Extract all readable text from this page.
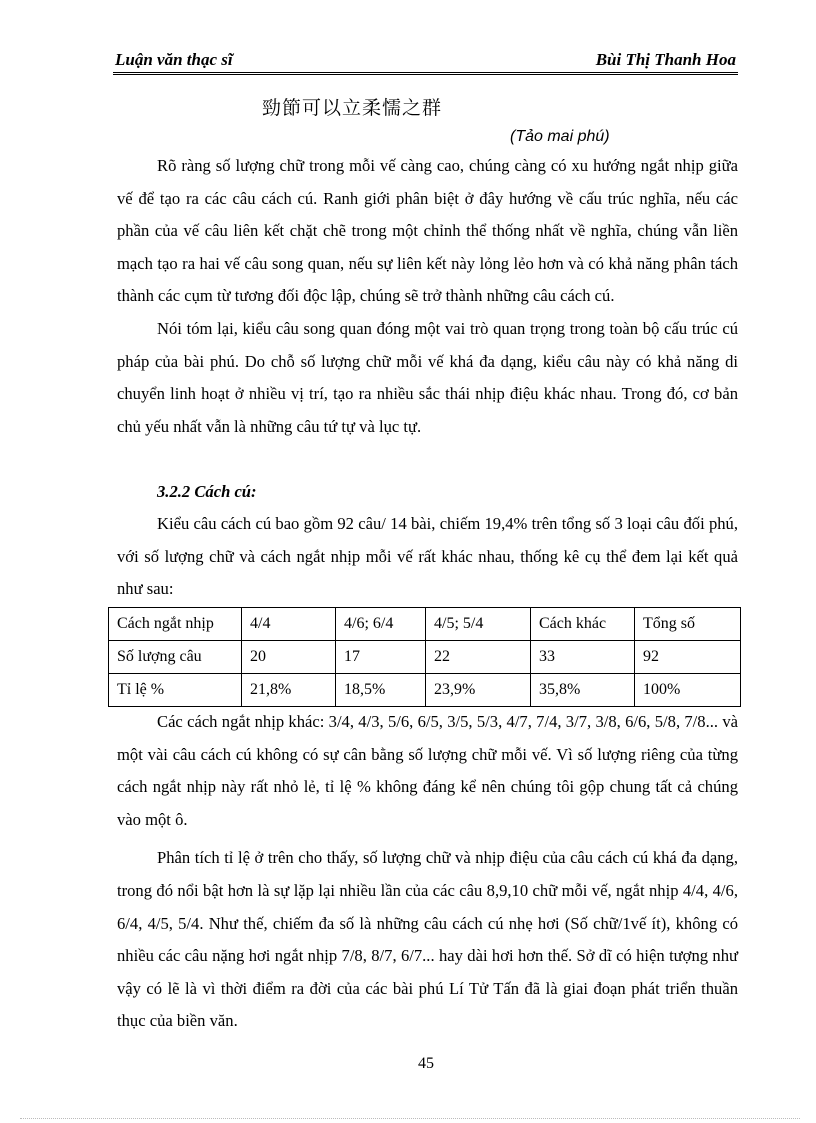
Luận văn thạc sĩ	Bùi Thị Thanh Hoa
勁節可以立柔懦之群
(Tảo mai phú)

Rõ ràng số lượng chữ trong mỗi vế càng cao, chúng càng có xu hướng ngắt nhịp giữa vế để tạo ra các câu cách cú. Ranh giới phân biệt ở đây hướng về cấu trúc nghĩa, nếu các phần của vế câu liên kết chặt chẽ trong một chỉnh thể thống nhất về nghĩa, chúng vẫn liền mạch tạo ra hai vế câu song quan, nếu sự liên kết này lỏng lẻo hơn và có khả năng phân tách thành các cụm từ tương đối độc lập, chúng sẽ trở thành những câu cách cú.

Nói tóm lại, kiểu câu song quan đóng một vai trò quan trọng trong toàn bộ cấu trúc cú pháp của bài phú. Do chỗ số lượng chữ mỗi vế khá đa dạng, kiểu câu này có khả năng di chuyển linh hoạt ở nhiều vị trí, tạo ra nhiều sắc thái nhịp điệu khác nhau. Trong đó, cơ bản chủ yếu nhất vẫn là những câu tứ tự và lục tự.

3.2.2 Cách cú:

Kiểu câu cách cú bao gồm 92 câu/ 14 bài, chiếm 19,4% trên tổng số 3 loại câu đối phú, với số lượng chữ và cách ngắt nhịp mỗi vế rất khác nhau, thống kê cụ thể đem lại kết quả như sau:

Cách ngắt nhịp	4/4	4/6; 6/4	4/5; 5/4	Cách khác	Tổng số
Số lượng câu	20	17	22	33	92
Tỉ lệ %	21,8%	18,5%	23,9%	35,8%	100%

Các cách ngắt nhịp khác: 3/4, 4/3, 5/6, 6/5, 3/5, 5/3, 4/7, 7/4, 3/7, 3/8, 6/6, 5/8, 7/8... và một vài câu cách cú không có sự cân bằng số lượng chữ mỗi vế. Vì số lượng riêng của từng cách ngắt nhịp này rất nhỏ lẻ, tỉ lệ % không đáng kể nên chúng tôi gộp chung tất cả chúng vào một ô.

Phân tích tỉ lệ ở trên cho thấy, số lượng chữ và nhịp điệu của câu cách cú khá đa dạng, trong đó nổi bật hơn là sự lặp lại nhiều lần của các câu 8,9,10 chữ mỗi vế, ngắt nhịp 4/4, 4/6, 6/4, 4/5, 5/4. Như thế, chiếm đa số là những câu cách cú nhẹ hơi (Số chữ/1vế ít), không có nhiều các câu nặng hơi ngắt nhịp 7/8, 8/7, 6/7... hay dài hơi hơn thế. Sở dĩ có hiện tượng như vậy có lẽ là vì thời điểm ra đời của các bài phú Lí Tử Tấn đã là giai đoạn phát triển thuần thục của biền văn.

45
